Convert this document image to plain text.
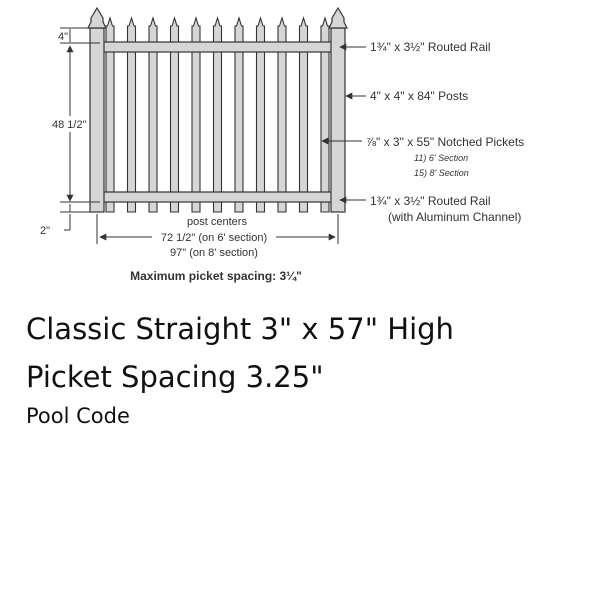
4"
48 1/2"
2"
post centers
72 1/2" (on 6' section)
97" (on 8' section)
Maximum picket spacing: 3¼"
1¾" x 3½" Routed Rail
4" x 4" x 84" Posts
⅞" x 3" x 55" Notched Pickets
11) 6' Section
15) 8' Section
1¾" x 3½" Routed Rail
(with Aluminum Channel)
Classic Straight 3" x 57" High
Picket Spacing 3.25"
Pool Code
